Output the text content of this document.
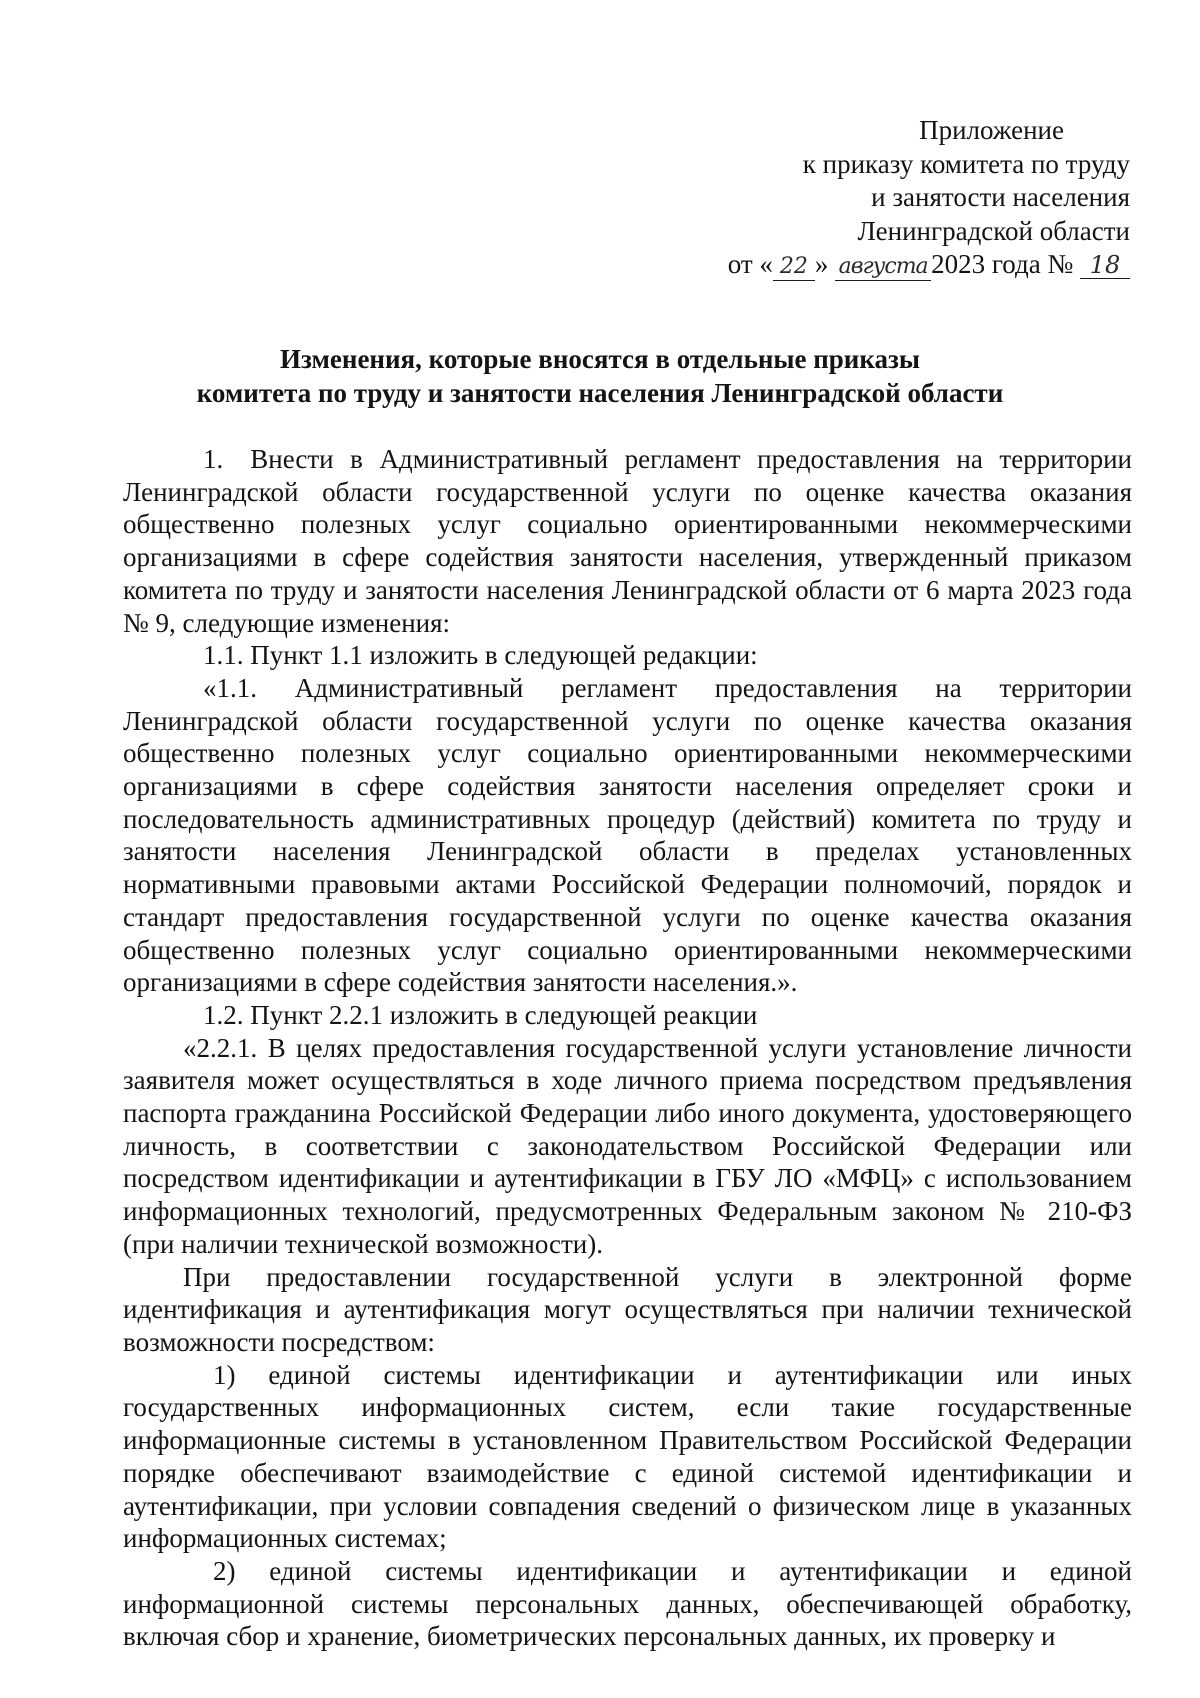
Приложение
к приказу комитета по труду
и занятости населения
Ленинградской области
от « 22 » августа 2023 года № 18
Изменения, которые вносятся в отдельные приказы
комитета по труду и занятости населения Ленинградской области

1. Внести в Административный регламент предоставления на территории Ленинградской области государственной услуги по оценке качества оказания общественно полезных услуг социально ориентированными некоммерческими организациями в сфере содействия занятости населения, утвержденный приказом комитета по труду и занятости населения Ленинградской области от 6 марта 2023 года № 9, следующие изменения:

1.1. Пункт 1.1 изложить в следующей редакции:

«1.1. Административный регламент предоставления на территории Ленинградской области государственной услуги по оценке качества оказания общественно полезных услуг социально ориентированными некоммерческими организациями в сфере содействия занятости населения определяет сроки и последовательность административных процедур (действий) комитета по труду и занятости населения Ленинградской области в пределах установленных нормативными правовыми актами Российской Федерации полномочий, порядок и стандарт предоставления государственной услуги по оценке качества оказания общественно полезных услуг социально ориентированными некоммерческими организациями в сфере содействия занятости населения.».

1.2. Пункт 2.2.1 изложить в следующей реакции

«2.2.1. В целях предоставления государственной услуги установление личности заявителя может осуществляться в ходе личного приема посредством предъявления паспорта гражданина Российской Федерации либо иного документа, удостоверяющего личность, в соответствии с законодательством Российской Федерации или посредством идентификации и аутентификации в ГБУ ЛО «МФЦ» с использованием информационных технологий, предусмотренных Федеральным законом № 210-ФЗ (при наличии технической возможности).

При предоставлении государственной услуги в электронной форме идентификация и аутентификация могут осуществляться при наличии технической возможности посредством:

1) единой системы идентификации и аутентификации или иных государственных информационных систем, если такие государственные информационные системы в установленном Правительством Российской Федерации порядке обеспечивают взаимодействие с единой системой идентификации и аутентификации, при условии совпадения сведений о физическом лице в указанных информационных системах;

2) единой системы идентификации и аутентификации и единой информационной системы персональных данных, обеспечивающей обработку, включая сбор и хранение, биометрических персональных данных, их проверку и
